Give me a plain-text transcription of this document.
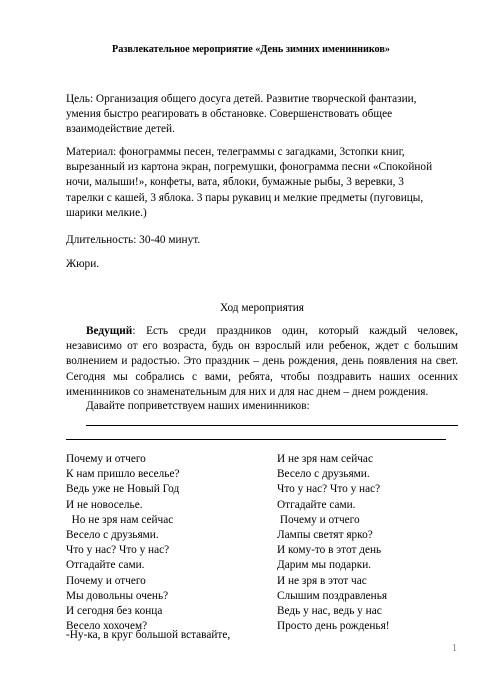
Развлекательное мероприятие «День зимних именинников»
Цель: Организация общего досуга детей. Развитие творческой фантазии, умения быстро реагировать в обстановке. Совершенствовать общее взаимодействие детей.
Материал: фонограммы песен, телеграммы с загадками, 3стопки книг, вырезанный из картона экран, погремушки, фонограмма песни «Спокойной ночи, малыши!», конфеты, вата, яблоки, бумажные рыбы, 3 веревки, 3 тарелки с кашей, 3 яблока. 3 пары рукавиц и мелкие предметы (пуговицы, шарики мелкие.)
Длительность: 30-40 минут.
Жюри.
Ход мероприятия
Ведущий: Есть среди праздников один, который каждый человек, независимо от его возраста, будь он взрослый или ребенок, ждет с большим волнением и радостью. Это праздник – день рождения, день появления на свет. Сегодня мы собрались с вами, ребята, чтобы поздравить наших осенних именинников со знаменательным для них и для нас днем – днем рождения.
Давайте поприветствуем наших именинников:
Почему и отчего
К нам пришло веселье?
Ведь уже не Новый Год
И не новоселье.
Но не зря нам сейчас
Весело с друзьями.
Что у нас? Что у нас?
Отгадайте сами.
Почему и отчего
Мы довольны очень?
И сегодня без конца
Весело хохочем?
И не зря нам сейчас
Весело с друзьями.
Что у нас? Что у нас?
Отгадайте сами.
Почему и отчего
Лампы светят ярко?
И кому-то в этот день
Дарим мы подарки.
И не зря в этот час
Слышим поздравленья
Ведь у нас, ведь у нас
Просто день рожденья!
-Ну-ка, в круг большой вставайте,
1
